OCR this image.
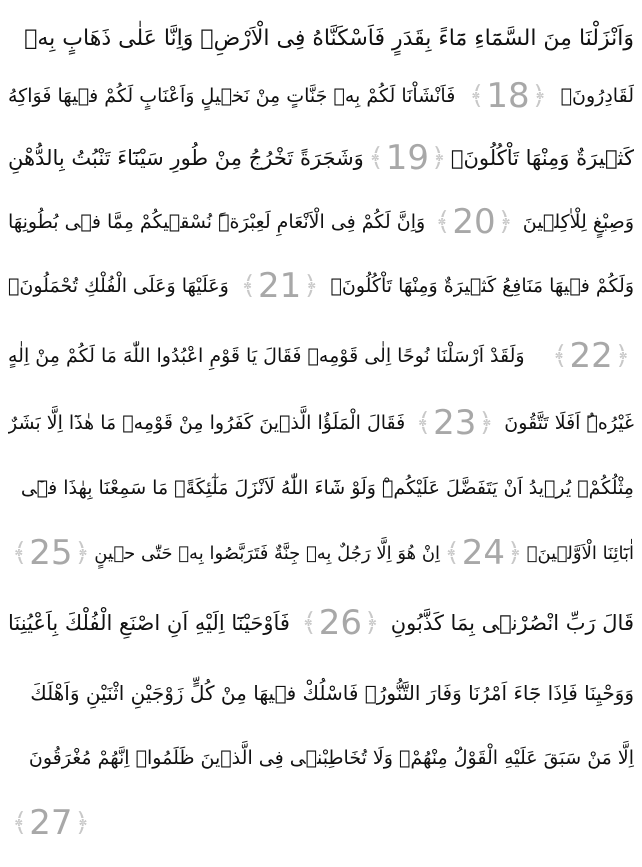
وَاَنْزَلْنَا مِنَ السَّمَٓاءِ مَٓاءً بِقَدَرٍ فَاَسْكَنَّاهُ فِى الْاَرْضِۗ وَاِنَّا عَلٰى ذَهَابٍ بِهٖ
لَقَادِرُونَۚ
﴾ 18 ﴿
فَاَنْشَاْنَا لَكُمْ بِهٖ جَنَّاتٍ مِنْ نَخٖيلٍ وَاَعْنَابٍ لَكُمْ فٖيهَا فَوَاكِهُ
كَثٖيرَةٌ وَمِنْهَا تَاْكُلُونَۙ
﴾ 19 ﴿
وَشَجَرَةً تَخْرُجُ مِنْ طُورِ سَيْنَٓاءَ تَنْبُتُ بِالدُّهْنِ
وَصِبْغٍ لِلْاٰكِلٖينَ
﴾ 20 ﴿
وَاِنَّ لَكُمْ فِى الْاَنْعَامِ لَعِبْرَةًۜ نُسْقٖيكُمْ مِمَّا فٖى بُطُونِهَا
وَلَكُمْ فٖيهَا مَنَافِعُ كَثٖيرَةٌ وَمِنْهَا تَاْكُلُونَۙ
﴾ 21 ﴿
وَعَلَيْهَا وَعَلَى الْفُلْكِ تُحْمَلُونَۚ
﴾ 22 ﴿
وَلَقَدْ اَرْسَلْنَا نُوحًا اِلٰى قَوْمِهٖ فَقَالَ يَا قَوْمِ اعْبُدُوا اللّٰهَ مَا لَكُمْ مِنْ اِلٰهٍ
غَيْرُهُۜ اَفَلَا تَتَّقُونَ
﴾ 23 ﴿
فَقَالَ الْمَلَؤُا الَّذٖينَ كَفَرُوا مِنْ قَوْمِهٖ مَا هٰذَٓا اِلَّا بَشَرٌ
مِثْلُكُمْۙ يُرٖيدُ اَنْ يَتَفَضَّلَ عَلَيْكُمْۜ وَلَوْ شَٓاءَ اللّٰهُ لَاَنْزَلَ مَلٰٓئِكَةًۚ مَا سَمِعْنَا بِهٰذَا فٖٓى
اٰبَٓائِنَا الْاَوَّلٖينَۚ
﴾ 24 ﴿
اِنْ هُوَ اِلَّا رَجُلٌ بِهٖ جِنَّةٌ فَتَرَبَّصُوا بِهٖ حَتّٰى حٖينٍ
﴾ 25 ﴿
قَالَ رَبِّ انْصُرْنٖى بِمَا كَذَّبُونِ
﴾ 26 ﴿
فَاَوْحَيْنَٓا اِلَيْهِ اَنِ اصْنَعِ الْفُلْكَ بِاَعْيُنِنَا
وَوَحْيِنَا فَاِذَا جَٓاءَ اَمْرُنَا وَفَارَ التَّنُّورُۙ فَاسْلُكْ فٖيهَا مِنْ كُلٍّ زَوْجَيْنِ اثْنَيْنِ وَاَهْلَكَ
اِلَّا مَنْ سَبَقَ عَلَيْهِ الْقَوْلُ مِنْهُمْۚ وَلَا تُخَاطِبْنٖى فِى الَّذٖينَ ظَلَمُواۚ اِنَّهُمْ مُغْرَقُونَ
﴾ 27 ﴿
